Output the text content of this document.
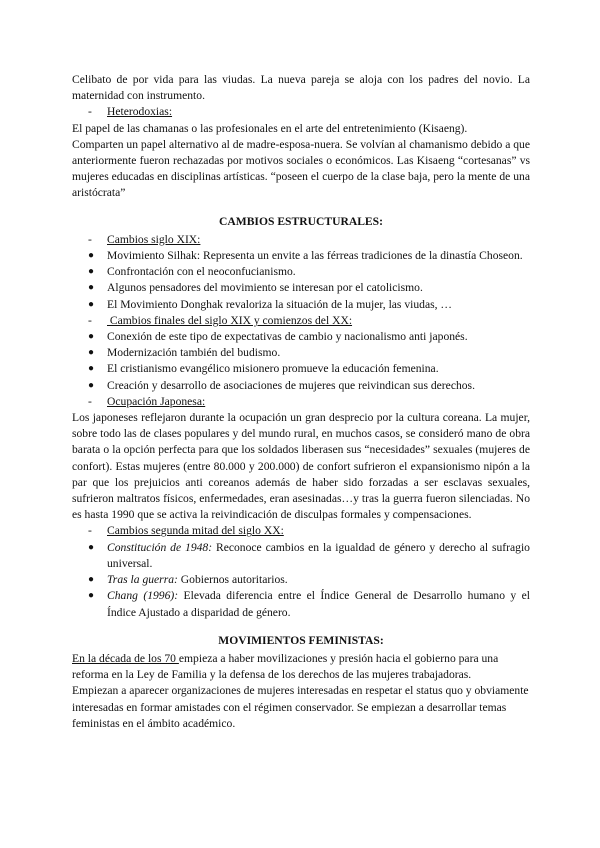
Celibato de por vida para las viudas. La nueva pareja se aloja con los padres del novio. La maternidad con instrumento.

- Heterodoxias:

El papel de las chamanas o las profesionales en el arte del entretenimiento (Kisaeng).

Comparten un papel alternativo al de madre-esposa-nuera. Se volvían al chamanismo debido a que anteriormente fueron rechazadas por motivos sociales o económicos. Las Kisaeng “cortesanas” vs mujeres educadas en disciplinas artísticas. “poseen el cuerpo de la clase baja, pero la mente de una aristócrata”

CAMBIOS ESTRUCTURALES:

- Cambios siglo XIX:
● Movimiento Silhak: Representa un envite a las férreas tradiciones de la dinastía Choseon.
● Confrontación con el neoconfucianismo.
● Algunos pensadores del movimiento se interesan por el catolicismo.
● El Movimiento Donghak revaloriza la situación de la mujer, las viudas, …
- Cambios finales del siglo XIX y comienzos del XX:
● Conexión de este tipo de expectativas de cambio y nacionalismo anti japonés.
● Modernización también del budismo.
● El cristianismo evangélico misionero promueve la educación femenina.
● Creación y desarrollo de asociaciones de mujeres que reivindican sus derechos.
- Ocupación Japonesa:

Los japoneses reflejaron durante la ocupación un gran desprecio por la cultura coreana. La mujer, sobre todo las de clases populares y del mundo rural, en muchos casos, se consideró mano de obra barata o la opción perfecta para que los soldados liberasen sus “necesidades” sexuales (mujeres de confort). Estas mujeres (entre 80.000 y 200.000) de confort sufrieron el expansionismo nipón a la par que los prejuicios anti coreanos además de haber sido forzadas a ser esclavas sexuales, sufrieron maltratos físicos, enfermedades, eran asesinadas…y tras la guerra fueron silenciadas. No es hasta 1990 que se activa la reivindicación de disculpas formales y compensaciones.

- Cambios segunda mitad del siglo XX:
● Constitución de 1948: Reconoce cambios en la igualdad de género y derecho al sufragio universal.
● Tras la guerra: Gobiernos autoritarios.
● Chang (1996): Elevada diferencia entre el Índice General de Desarrollo humano y el Índice Ajustado a disparidad de género.

MOVIMIENTOS FEMINISTAS:

En la década de los 70 empieza a haber movilizaciones y presión hacia el gobierno para una reforma en la Ley de Familia y la defensa de los derechos de las mujeres trabajadoras.

Empiezan a aparecer organizaciones de mujeres interesadas en respetar el status quo y obviamente interesadas en formar amistades con el régimen conservador. Se empiezan a desarrollar temas feministas en el ámbito académico.
